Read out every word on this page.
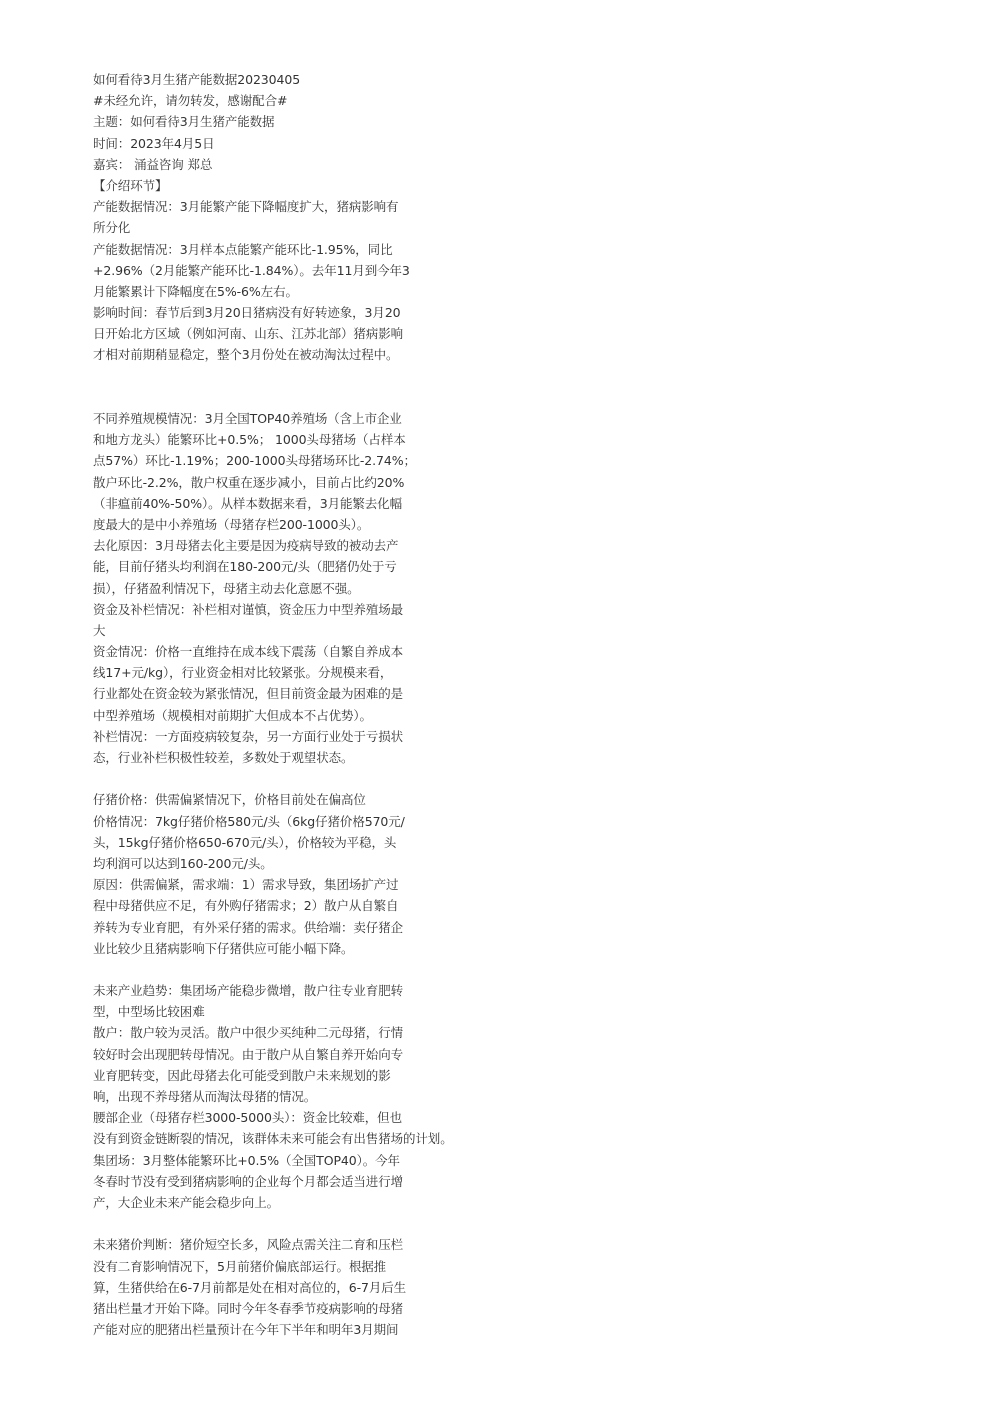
如何看待3月生猪产能数据20230405
#未经允许，请勿转发，感谢配合#
主题：如何看待3月生猪产能数据
时间：2023年4月5日
嘉宾： 涌益咨询 郑总
【介绍环节】
产能数据情况：3月能繁产能下降幅度扩大，猪病影响有
所分化
产能数据情况：3月样本点能繁产能环比-1.95%，同比
+2.96%（2月能繁产能环比-1.84%）。去年11月到今年3
月能繁累计下降幅度在5%-6%左右。
影响时间：春节后到3月20日猪病没有好转迹象，3月20
日开始北方区域（例如河南、山东、江苏北部）猪病影响
才相对前期稍显稳定，整个3月份处在被动淘汰过程中。
不同养殖规模情况：3月全国TOP40养殖场（含上市企业
和地方龙头）能繁环比+0.5%； 1000头母猪场（占样本
点57%）环比-1.19%；200-1000头母猪场环比-2.74%；
散户环比-2.2%，散户权重在逐步减小，目前占比约20%
（非瘟前40%-50%）。从样本数据来看，3月能繁去化幅
度最大的是中小养殖场（母猪存栏200-1000头）。
去化原因：3月母猪去化主要是因为疫病导致的被动去产
能，目前仔猪头均利润在180-200元/头（肥猪仍处于亏
损），仔猪盈利情况下，母猪主动去化意愿不强。
资金及补栏情况：补栏相对谨慎，资金压力中型养殖场最
大
资金情况：价格一直维持在成本线下震荡（自繁自养成本
线17+元/kg），行业资金相对比较紧张。分规模来看，
行业都处在资金较为紧张情况，但目前资金最为困难的是
中型养殖场（规模相对前期扩大但成本不占优势）。
补栏情况：一方面疫病较复杂，另一方面行业处于亏损状
态，行业补栏积极性较差，多数处于观望状态。
仔猪价格：供需偏紧情况下，价格目前处在偏高位
价格情况：7kg仔猪价格580元/头（6kg仔猪价格570元/
头，15kg仔猪价格650-670元/头），价格较为平稳，头
均利润可以达到160-200元/头。
原因：供需偏紧，需求端：1）需求导致，集团场扩产过
程中母猪供应不足，有外购仔猪需求；2）散户从自繁自
养转为专业育肥，有外采仔猪的需求。供给端：卖仔猪企
业比较少且猪病影响下仔猪供应可能小幅下降。
未来产业趋势：集团场产能稳步微增，散户往专业育肥转
型，中型场比较困难
散户：散户较为灵活。散户中很少买纯种二元母猪，行情
较好时会出现肥转母情况。由于散户从自繁自养开始向专
业育肥转变，因此母猪去化可能受到散户未来规划的影
响，出现不养母猪从而淘汰母猪的情况。
腰部企业（母猪存栏3000-5000头）：资金比较难，但也
没有到资金链断裂的情况，该群体未来可能会有出售猪场的计划。
集团场：3月整体能繁环比+0.5%（全国TOP40）。今年
冬春时节没有受到猪病影响的企业每个月都会适当进行增
产，大企业未来产能会稳步向上。
未来猪价判断：猪价短空长多，风险点需关注二育和压栏
没有二育影响情况下，5月前猪价偏底部运行。根据推
算，生猪供给在6-7月前都是处在相对高位的，6-7月后生
猪出栏量才开始下降。同时今年冬春季节疫病影响的母猪
产能对应的肥猪出栏量预计在今年下半年和明年3月期间
